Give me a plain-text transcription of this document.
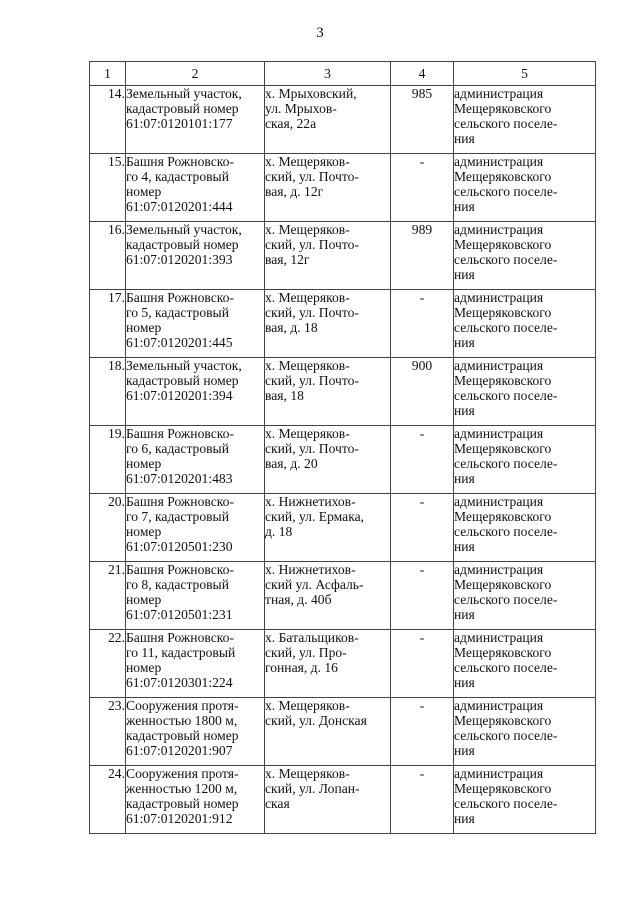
3
1	2	3	4	5
14.	Земельный участок,
кадастровый номер
61:07:0120101:177	х. Мрыховский,
ул. Мрыхов-
ская, 22а	985	администрация
Мещеряковского
сельского поселе-
ния
15.	Башня Рожновско-
го 4, кадастровый
номер
61:07:0120201:444	х. Мещеряков-
ский, ул. Почто-
вая, д. 12г	-	администрация
Мещеряковского
сельского поселе-
ния
16.	Земельный участок,
кадастровый номер
61:07:0120201:393	х. Мещеряков-
ский, ул. Почто-
вая, 12г	989	администрация
Мещеряковского
сельского поселе-
ния
17.	Башня Рожновско-
го 5, кадастровый
номер
61:07:0120201:445	х. Мещеряков-
ский, ул. Почто-
вая, д. 18	-	администрация
Мещеряковского
сельского поселе-
ния
18.	Земельный участок,
кадастровый номер
61:07:0120201:394	х. Мещеряков-
ский, ул. Почто-
вая, 18	900	администрация
Мещеряковского
сельского поселе-
ния
19.	Башня Рожновско-
го 6, кадастровый
номер
61:07:0120201:483	х. Мещеряков-
ский, ул. Почто-
вая, д. 20	-	администрация
Мещеряковского
сельского поселе-
ния
20.	Башня Рожновско-
го 7, кадастровый
номер
61:07:0120501:230	х. Нижнетихов-
ский, ул. Ермака,
д. 18	-	администрация
Мещеряковского
сельского поселе-
ния
21.	Башня Рожновско-
го 8, кадастровый
номер
61:07:0120501:231	х. Нижнетихов-
ский ул. Асфаль-
тная, д. 40б	-	администрация
Мещеряковского
сельского поселе-
ния
22.	Башня Рожновско-
го 11, кадастровый
номер
61:07:0120301:224	х. Батальщиков-
ский, ул. Про-
гонная, д. 16	-	администрация
Мещеряковского
сельского поселе-
ния
23.	Сооружения протя-
женностью 1800 м,
кадастровый номер
61:07:0120201:907	х. Мещеряков-
ский, ул. Донская	-	администрация
Мещеряковского
сельского поселе-
ния
24.	Сооружения протя-
женностью 1200 м,
кадастровый номер
61:07:0120201:912	х. Мещеряков-
ский, ул. Лопан-
ская	-	администрация
Мещеряковского
сельского поселе-
ния
